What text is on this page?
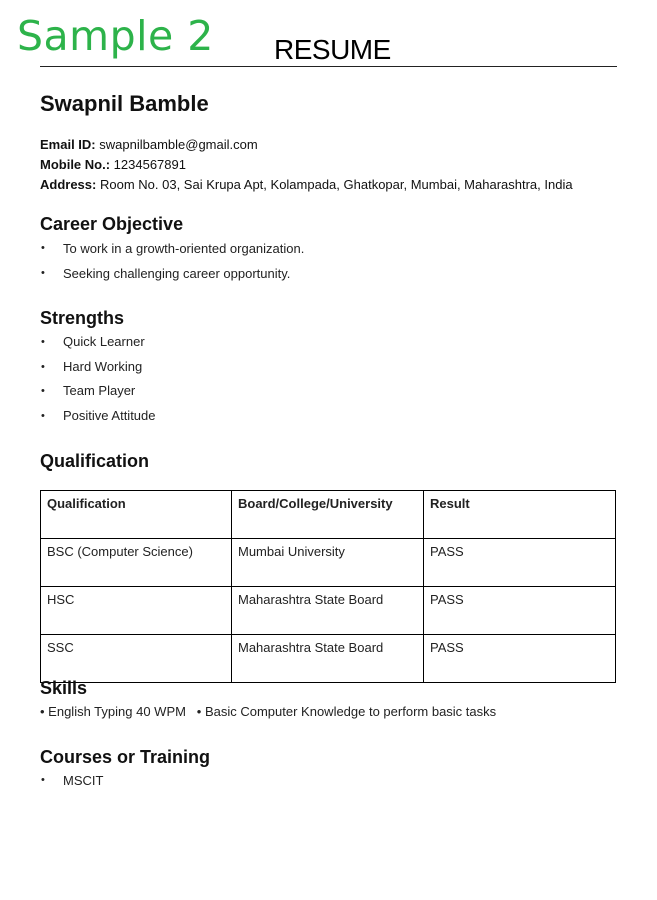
Sample 2 RESUME
Swapnil Bamble
Email ID: swapnilbamble@gmail.com
Mobile No.: 1234567891
Address: Room No. 03, Sai Krupa Apt, Kolampada, Ghatkopar, Mumbai, Maharashtra, India
Career Objective
• To work in a growth-oriented organization.
• Seeking challenging career opportunity.
Strengths
• Quick Learner
• Hard Working
• Team Player
• Positive Attitude
Qualification
Qualification	Board/College/University	Result
BSC (Computer Science)	Mumbai University	PASS
HSC	Maharashtra State Board	PASS
SSC	Maharashtra State Board	PASS
Skills
• English Typing 40 WPM   • Basic Computer Knowledge to perform basic tasks
Courses or Training
• MSCIT
